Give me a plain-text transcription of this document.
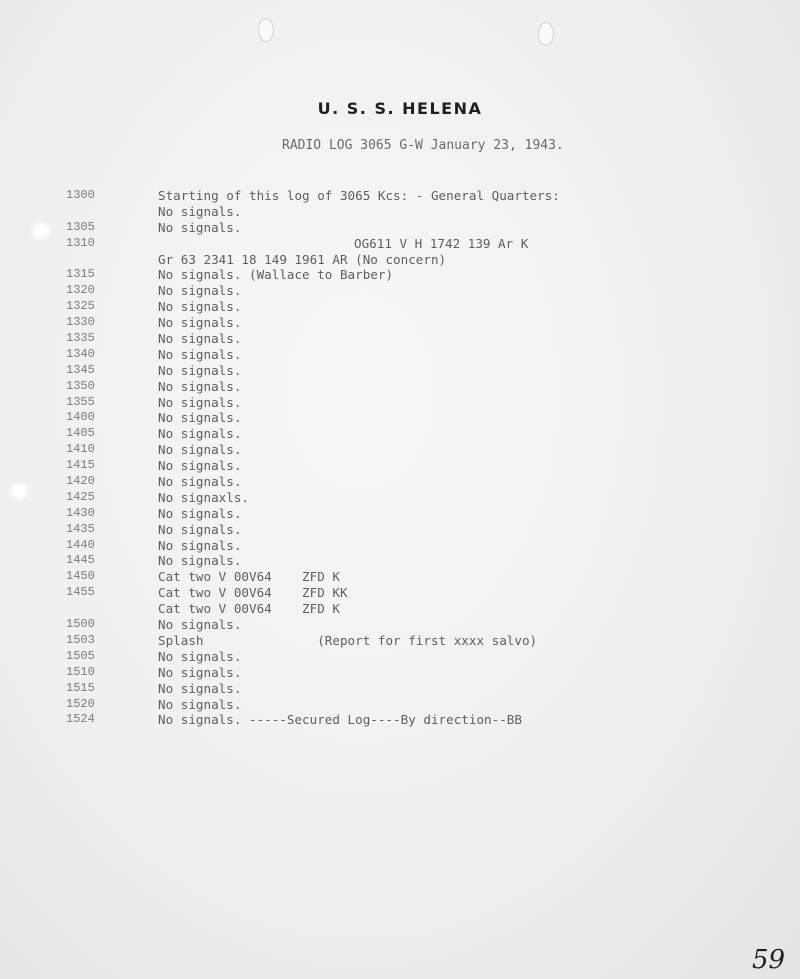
U. S. S. HELENA
RADIO LOG 3065 G-W January 23, 1943.
1300	Starting of this log of 3065 Kcs: - General Quarters:
No signals.
1305	No signals.
1310	OG611 V H 1742 139 Ar K
Gr 63 2341 18 149 1961 AR (No concern)
1315	No signals. (Wallace to Barber)
1320	No signals.
1325	No signals.
1330	No signals.
1335	No signals.
1340	No signals.
1345	No signals.
1350	No signals.
1355	No signals.
1400	No signals.
1405	No signals.
1410	No signals.
1415	No signals.
1420	No signals.
1425	No signaxls.
1430	No signals.
1435	No signals.
1440	No signals.
1445	No signals.
1450	Cat two V 00V64    ZFD K
1455	Cat two V 00V64    ZFD KK
Cat two V 00V64    ZFD K
1500	No signals.
1503	Splash               (Report for first xxxx salvo)
1505	No signals.
1510	No signals.
1515	No signals.
1520	No signals.
1524	No signals. -----Secured Log----By direction--BB
59
